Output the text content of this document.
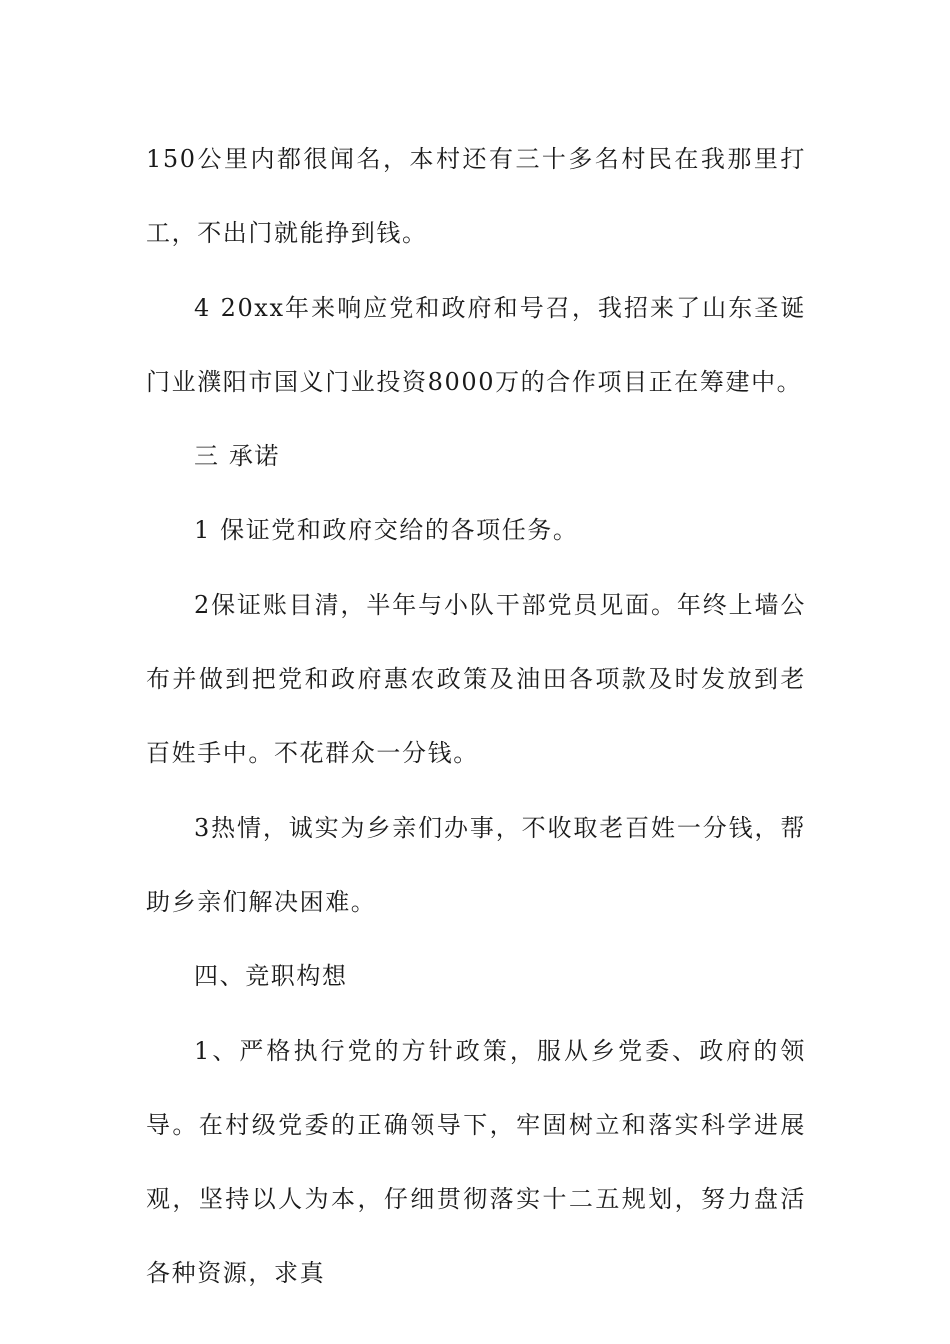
150公里内都很闻名，本村还有三十多名村民在我那里打工，不出门就能挣到钱。

4 20xx年来响应党和政府和号召，我招来了山东圣诞门业濮阳市国义门业投资8000万的合作项目正在筹建中。

三 承诺

1 保证党和政府交给的各项任务。

2保证账目清，半年与小队干部党员见面。年终上墙公布并做到把党和政府惠农政策及油田各项款及时发放到老百姓手中。不花群众一分钱。

3热情，诚实为乡亲们办事，不收取老百姓一分钱，帮助乡亲们解决困难。

四、竞职构想

1、严格执行党的方针政策，服从乡党委、政府的领导。在村级党委的正确领导下，牢固树立和落实科学进展观，坚持以人为本，仔细贯彻落实十二五规划，努力盘活各种资源，求真
